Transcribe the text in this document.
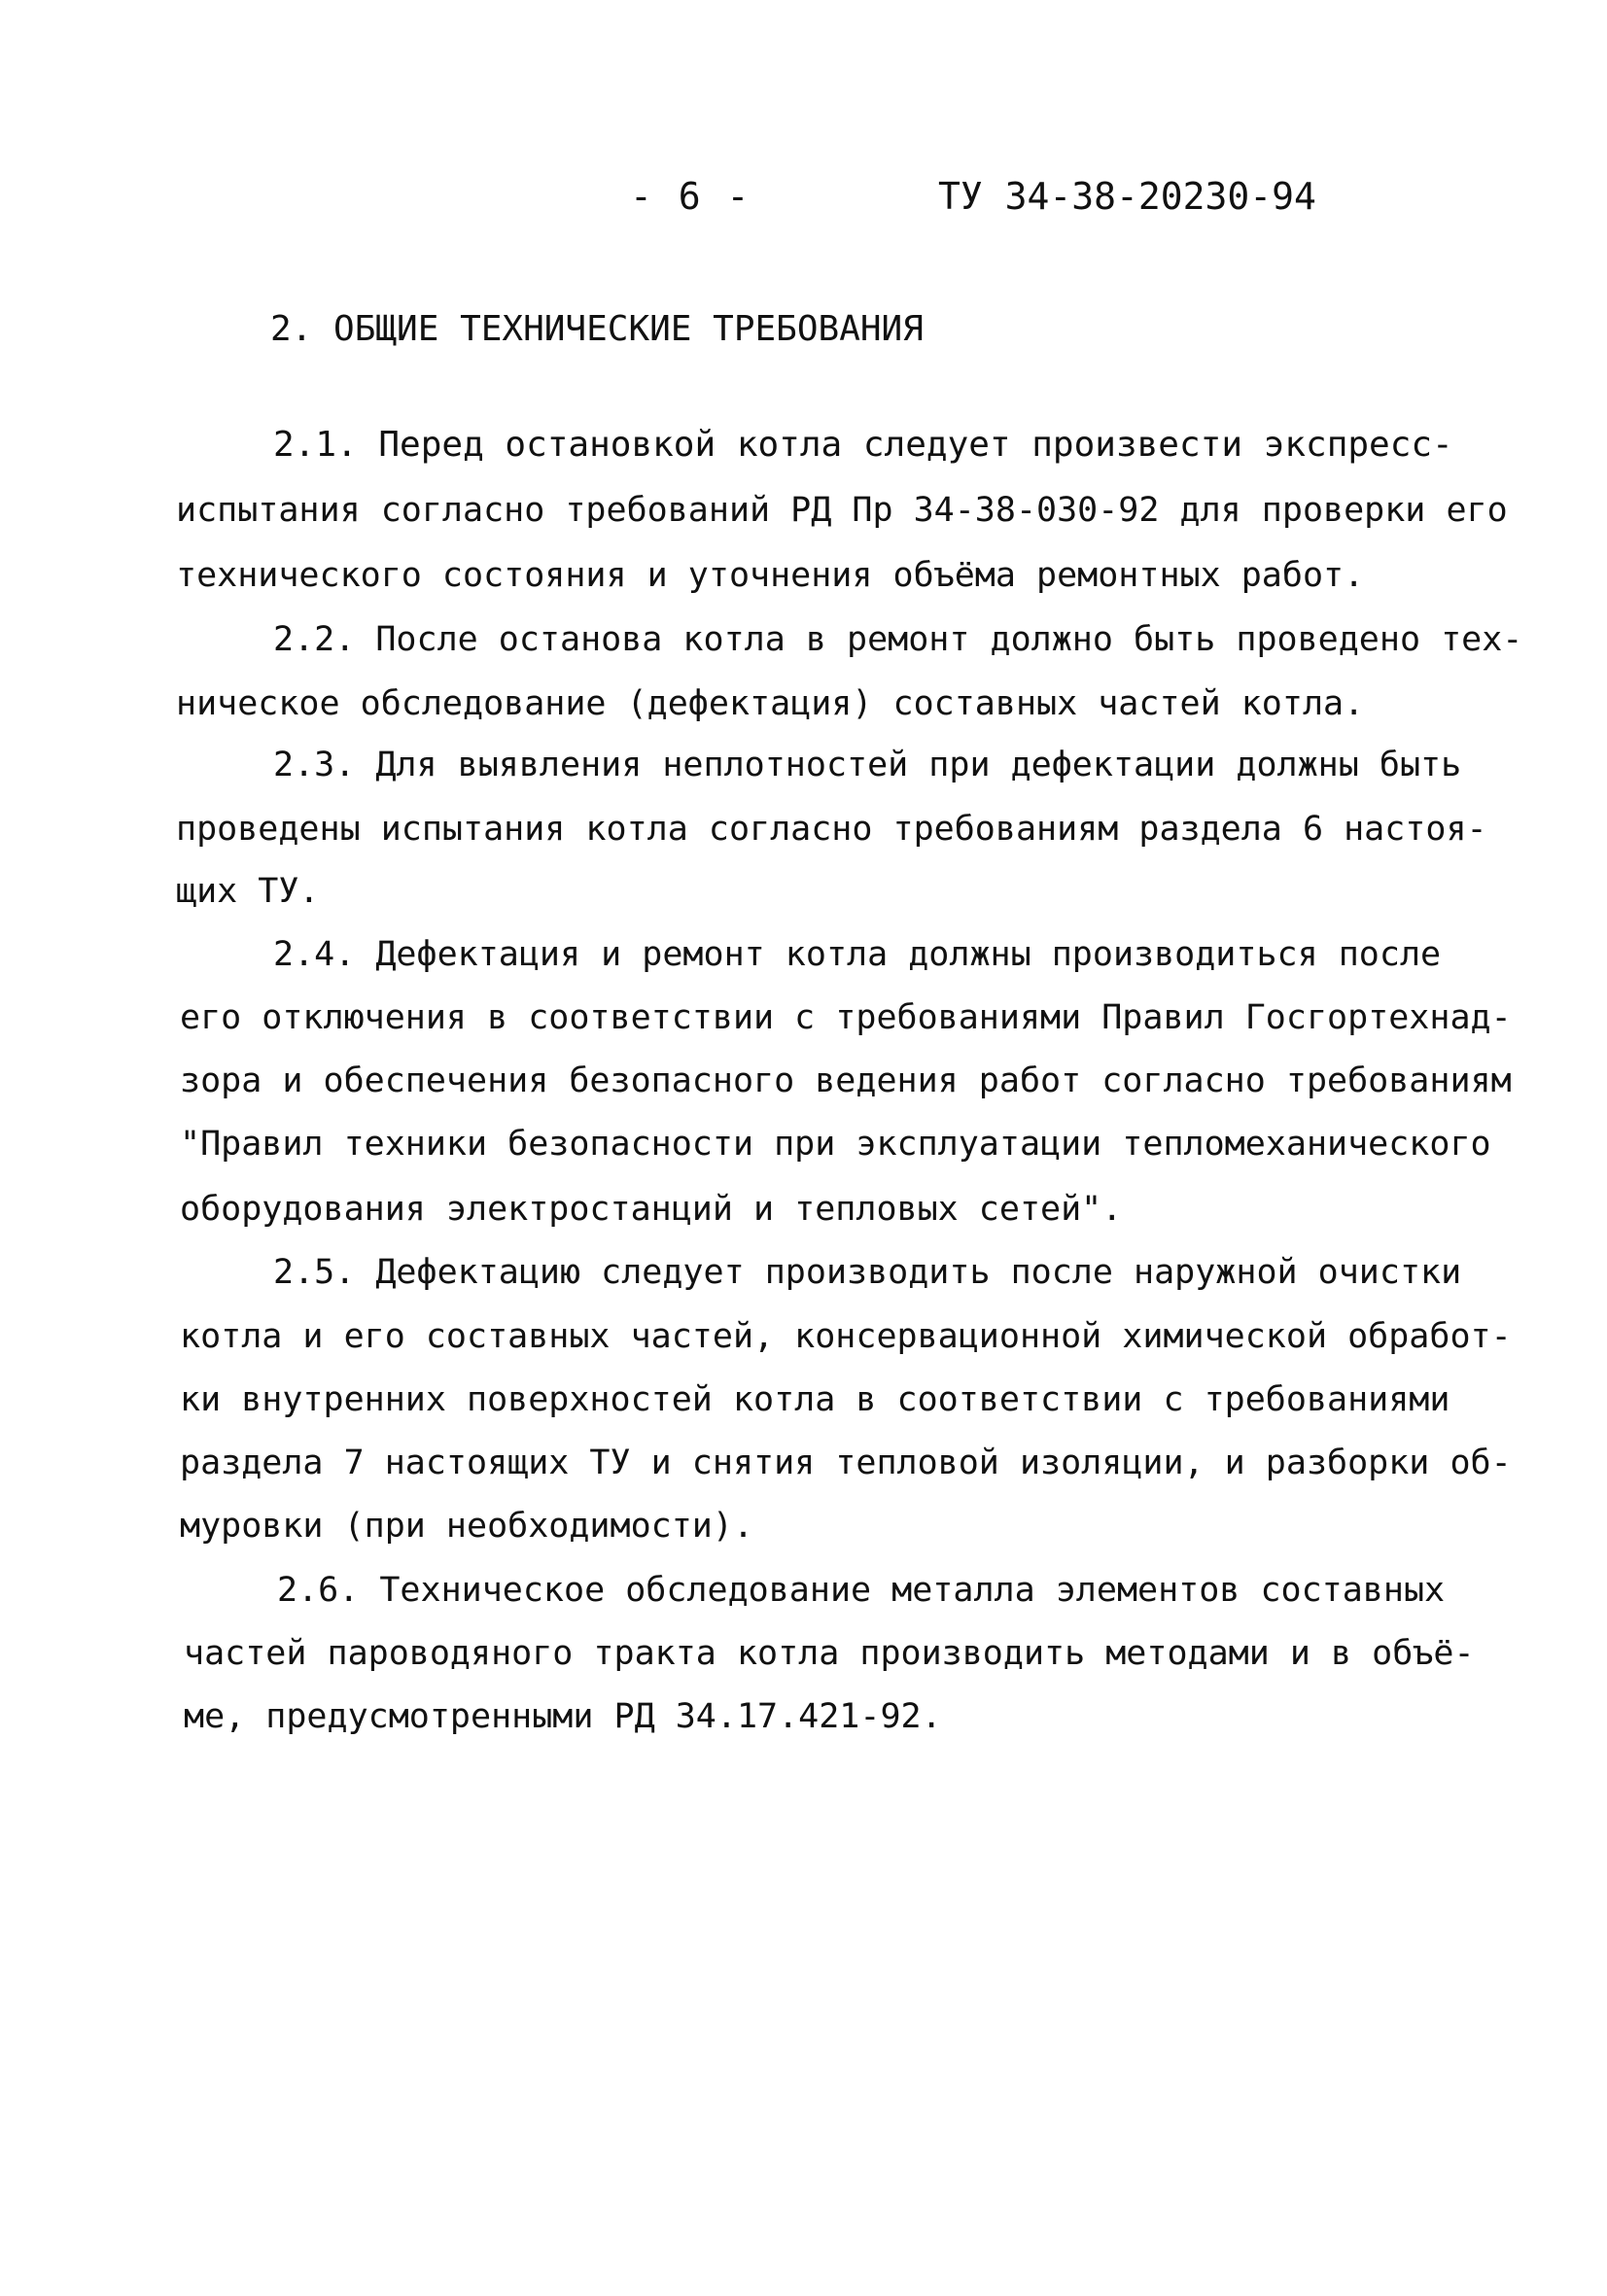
- 6 -	ТУ 34-38-20230-94
2. ОБЩИЕ ТЕХНИЧЕСКИЕ ТРЕБОВАНИЯ
2.1. Перед остановкой котла следует произвести экспресс-
испытания согласно требований РД Пр 34-38-030-92 для проверки его
технического состояния и уточнения объёма ремонтных работ.
2.2. После останова котла в ремонт должно быть проведено тех-
ническое обследование (дефектация) составных частей котла.
2.3. Для выявления неплотностей при дефектации должны быть
проведены испытания котла согласно требованиям раздела 6 настоя-
щих ТУ.
2.4. Дефектация и ремонт котла должны производиться после
его отключения в соответствии с требованиями Правил Госгортехнад-
зора и обеспечения безопасного ведения работ согласно требованиям
"Правил техники безопасности при эксплуатации тепломеханического
оборудования электростанций и тепловых сетей".
2.5. Дефектацию следует производить после наружной очистки
котла и его составных частей, консервационной химической обработ-
ки внутренних поверхностей котла в соответствии с требованиями
раздела 7 настоящих ТУ и снятия тепловой изоляции, и разборки об-
муровки (при необходимости).
2.6. Техническое обследование металла элементов составных
частей пароводяного тракта котла производить методами и в объё-
ме, предусмотренными РД 34.17.421-92.
